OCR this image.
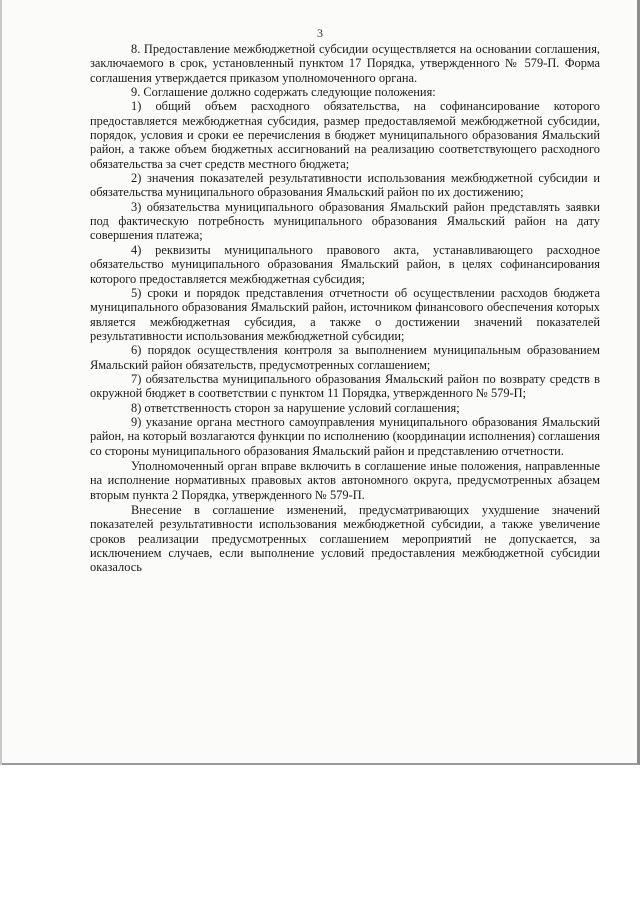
3

8. Предоставление межбюджетной субсидии осуществляется на основании соглашения, заключаемого в срок, установленный пунктом 17 Порядка, утвержденного № 579-П. Форма соглашения утверждается приказом уполномоченного органа.

9. Соглашение должно содержать следующие положения:

1) общий объем расходного обязательства, на софинансирование которого предоставляется межбюджетная субсидия, размер предоставляемой межбюджетной субсидии, порядок, условия и сроки ее перечисления в бюджет муниципального образования Ямальский район, а также объем бюджетных ассигнований на реализацию соответствующего расходного обязательства за счет средств местного бюджета;

2) значения показателей результативности использования межбюджетной субсидии и обязательства муниципального образования Ямальский район по их достижению;

3) обязательства муниципального образования Ямальский район представлять заявки под фактическую потребность муниципального образования Ямальский район на дату совершения платежа;

4) реквизиты муниципального правового акта, устанавливающего расходное обязательство муниципального образования Ямальский район, в целях софинансирования которого предоставляется межбюджетная субсидия;

5) сроки и порядок представления отчетности об осуществлении расходов бюджета муниципального образования Ямальский район, источником финансового обеспечения которых является межбюджетная субсидия, а также о достижении значений показателей результативности использования межбюджетной субсидии;

6) порядок осуществления контроля за выполнением муниципальным образованием Ямальский район обязательств, предусмотренных соглашением;

7) обязательства муниципального образования Ямальский район по возврату средств в окружной бюджет в соответствии с пунктом 11 Порядка, утвержденного № 579-П;

8) ответственность сторон за нарушение условий соглашения;

9) указание органа местного самоуправления муниципального образования Ямальский район, на который возлагаются функции по исполнению (координации исполнения) соглашения со стороны муниципального образования Ямальский район и представлению отчетности.

Уполномоченный орган вправе включить в соглашение иные положения, направленные на исполнение нормативных правовых актов автономного округа, предусмотренных абзацем вторым пункта 2 Порядка, утвержденного № 579-П.

Внесение в соглашение изменений, предусматривающих ухудшение значений показателей результативности использования межбюджетной субсидии, а также увеличение сроков реализации предусмотренных соглашением мероприятий не допускается, за исключением случаев, если выполнение условий предоставления межбюджетной субсидии оказалось
